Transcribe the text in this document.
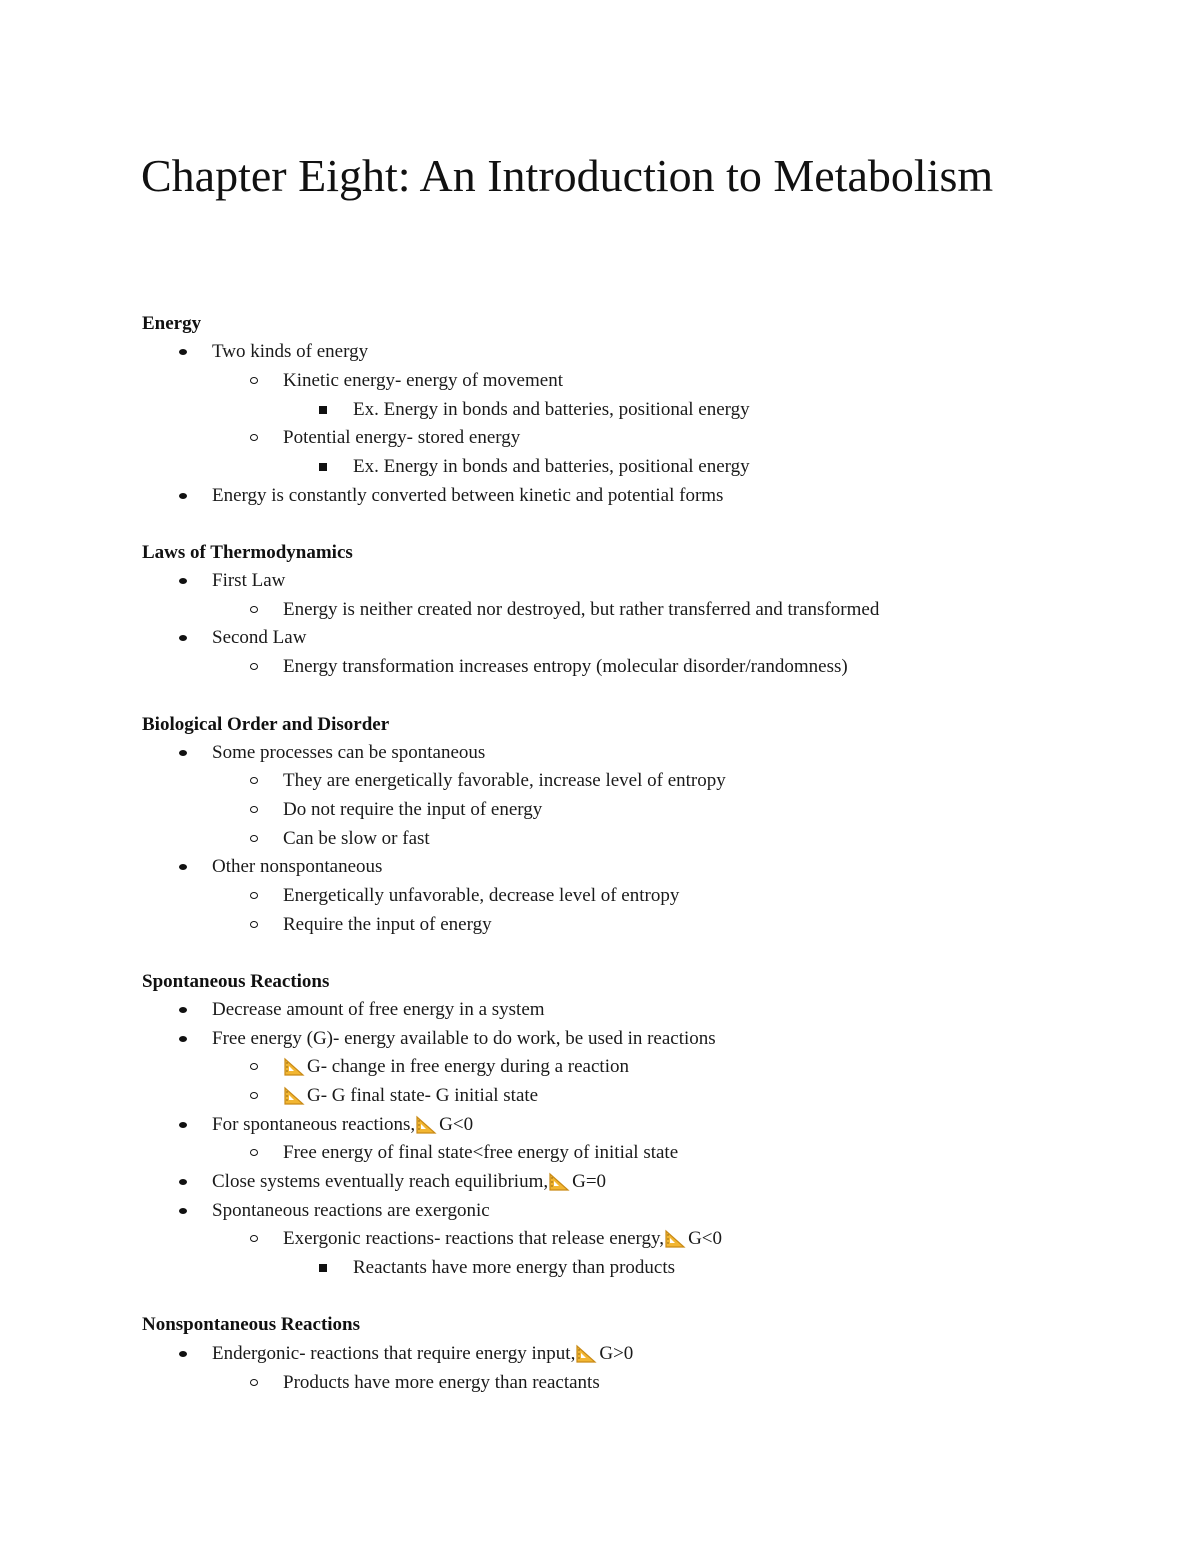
Chapter Eight: An Introduction to Metabolism
Energy
Two kinds of energy
Kinetic energy- energy of movement
Ex. Energy in bonds and batteries, positional energy
Potential energy- stored energy
Ex. Energy in bonds and batteries, positional energy
Energy is constantly converted between kinetic and potential forms
Laws of Thermodynamics
First Law
Energy is neither created nor destroyed, but rather transferred and transformed
Second Law
Energy transformation increases entropy (molecular disorder/randomness)
Biological Order and Disorder
Some processes can be spontaneous
They are energetically favorable, increase level of entropy
Do not require the input of energy
Can be slow or fast
Other nonspontaneous
Energetically unfavorable, decrease level of entropy
Require the input of energy
Spontaneous Reactions
Decrease amount of free energy in a system
Free energy (G)- energy available to do work, be used in reactions
G- change in free energy during a reaction
G- G final state- G initial state
For spontaneous reactions, G<0
Free energy of final state<free energy of initial state
Close systems eventually reach equilibrium, G=0
Spontaneous reactions are exergonic
Exergonic reactions- reactions that release energy, G<0
Reactants have more energy than products
Nonspontaneous Reactions
Endergonic- reactions that require energy input, G>0
Products have more energy than reactants
